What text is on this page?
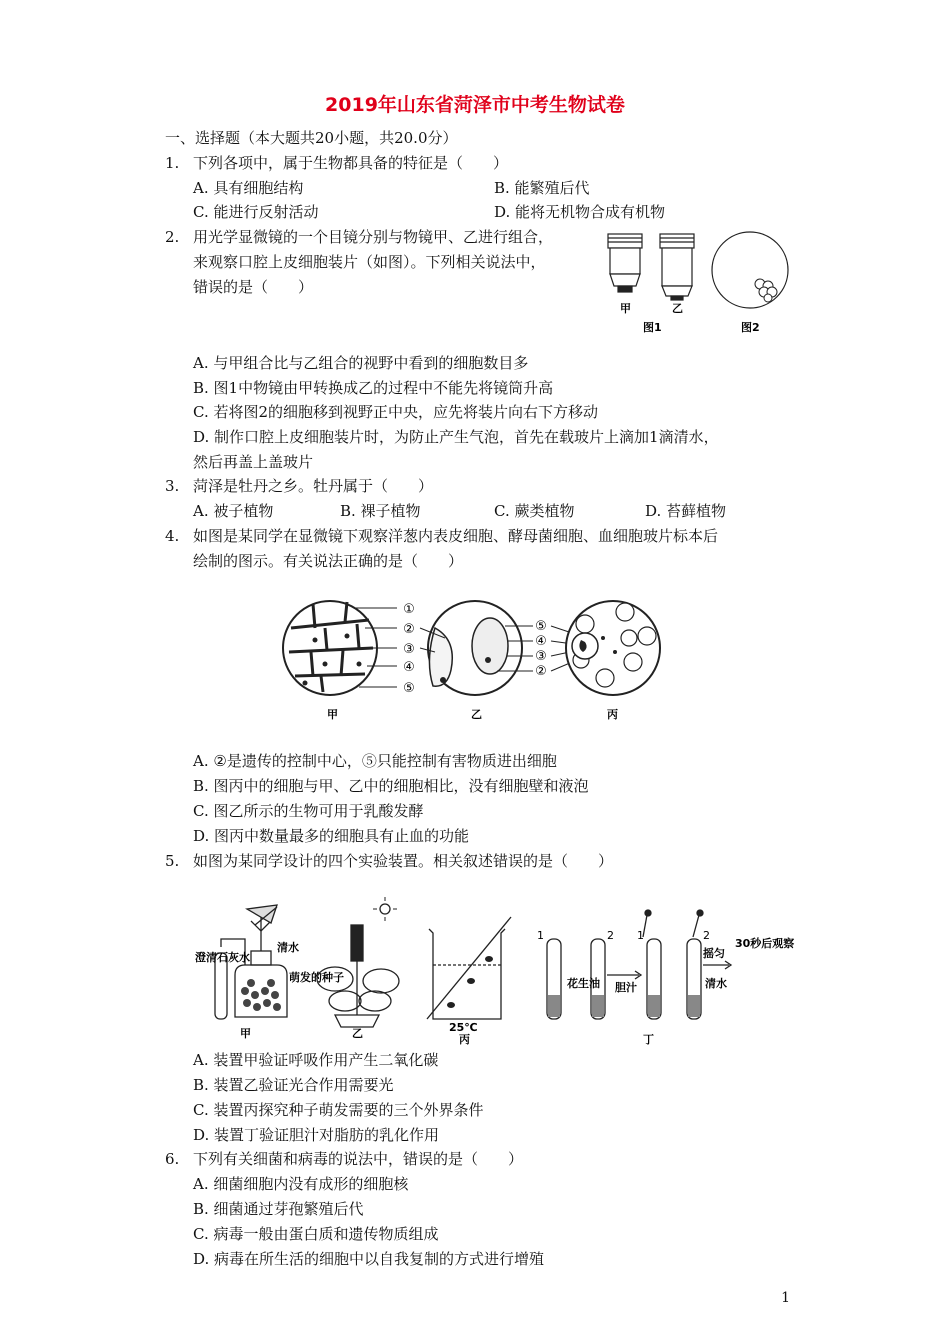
2019年山东省菏泽市中考生物试卷
一、选择题（本大题共20小题，共20.0分）
1. 下列各项中，属于生物都具备的特征是（　　）
A. 具有细胞结构	B. 能繁殖后代
C. 能进行反射活动	D. 能将无机物合成有机物
2. 用光学显微镜的一个目镜分别与物镜甲、乙进行组合，
来观察口腔上皮细胞装片（如图）。下列相关说法中，
错误的是（　　）
甲	乙
图1	图2
A. 与甲组合比与乙组合的视野中看到的细胞数目多
B. 图1中物镜由甲转换成乙的过程中不能先将镜筒升高
C. 若将图2的细胞移到视野正中央，应先将装片向右下方移动
D. 制作口腔上皮细胞装片时，为防止产生气泡，首先在载玻片上滴加1滴清水，
然后再盖上盖玻片
3. 菏泽是牡丹之乡。牡丹属于（　　）
A. 被子植物	B. 裸子植物	C. 蕨类植物	D. 苔藓植物
4. 如图是某同学在显微镜下观察洋葱内表皮细胞、酵母菌细胞、血细胞玻片标本后
绘制的图示。有关说法正确的是（　　）
①
②
③
④
⑤
⑤
④
③
②
甲	乙	丙
A. ②是遗传的控制中心，⑤只能控制有害物质进出细胞
B. 图丙中的细胞与甲、乙中的细胞相比，没有细胞壁和液泡
C. 图乙所示的生物可用于乳酸发酵
D. 图丙中数量最多的细胞具有止血的功能
5. 如图为某同学设计的四个实验装置。相关叙述错误的是（　　）
澄清石灰水
清水
萌发的种子
甲	乙	25℃
丙
1	2 1	2
花生油 胆汁	清水
摇匀
30秒后观察
丁
A. 装置甲验证呼吸作用产生二氧化碳
B. 装置乙验证光合作用需要光
C. 装置丙探究种子萌发需要的三个外界条件
D. 装置丁验证胆汁对脂肪的乳化作用
6. 下列有关细菌和病毒的说法中，错误的是（　　）
A. 细菌细胞内没有成形的细胞核
B. 细菌通过芽孢繁殖后代
C. 病毒一般由蛋白质和遗传物质组成
D. 病毒在所生活的细胞中以自我复制的方式进行增殖
1
